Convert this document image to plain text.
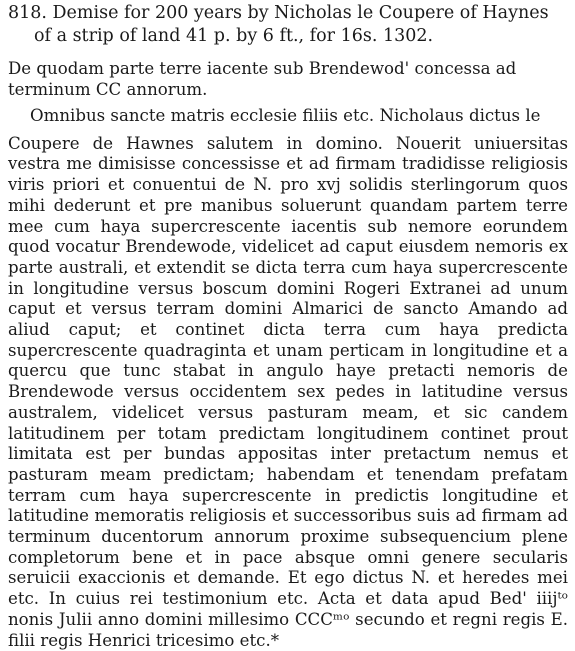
818. Demise for 200 years by Nicholas le Coupere of Haynes of a strip of land 41 p. by 6 ft., for 16s. 1302.

De quodam parte terre iacente sub Brendewod' concessa ad terminum CC annorum.

Omnibus sancte matris ecclesie filiis etc. Nicholaus dictus le

Coupere de Hawnes salutem in domino. Nouerit uniuersitas vestra me dimisisse concessisse et ad firmam tradidisse religiosis viris priori et conuentui de N. pro xvj solidis sterlingorum quos mihi dederunt et pre manibus soluerunt quandam partem terre mee cum haya supercrescente iacentis sub nemore eorundem quod vocatur Brendewode, videlicet ad caput eiusdem nemoris ex parte australi, et extendit se dicta terra cum haya supercrescente in longitudine versus boscum domini Rogeri Extranei ad unum caput et versus terram domini Almarici de sancto Amando ad aliud caput; et continet dicta terra cum haya predicta supercrescente quadraginta et unam perticam in longitudine et a quercu que tunc stabat in angulo haye pretacti nemoris de Brendewode versus occidentem sex pedes in latitudine versus australem, videlicet versus pasturam meam, et sic candem latitudinem per totam predictam longitudinem continet prout limitata est per bundas appositas inter pretactum nemus et pasturam meam predictam; habendam et tenendam prefatam terram cum haya supercrescente in predictis longitudine et latitudine memoratis religiosis et successoribus suis ad firmam ad terminum ducentorum annorum proxime subsequencium plene completorum bene et in pace absque omni genere secularis seruicii exaccionis et demande. Et ego dictus N. et heredes mei etc. In cuius rei testimonium etc. Acta et data apud Bed' iiijᵗᵒ nonis Julii anno domini millesimo CCCᵐᵒ secundo et regni regis E. filii regis Henrici tricesimo etc.*
